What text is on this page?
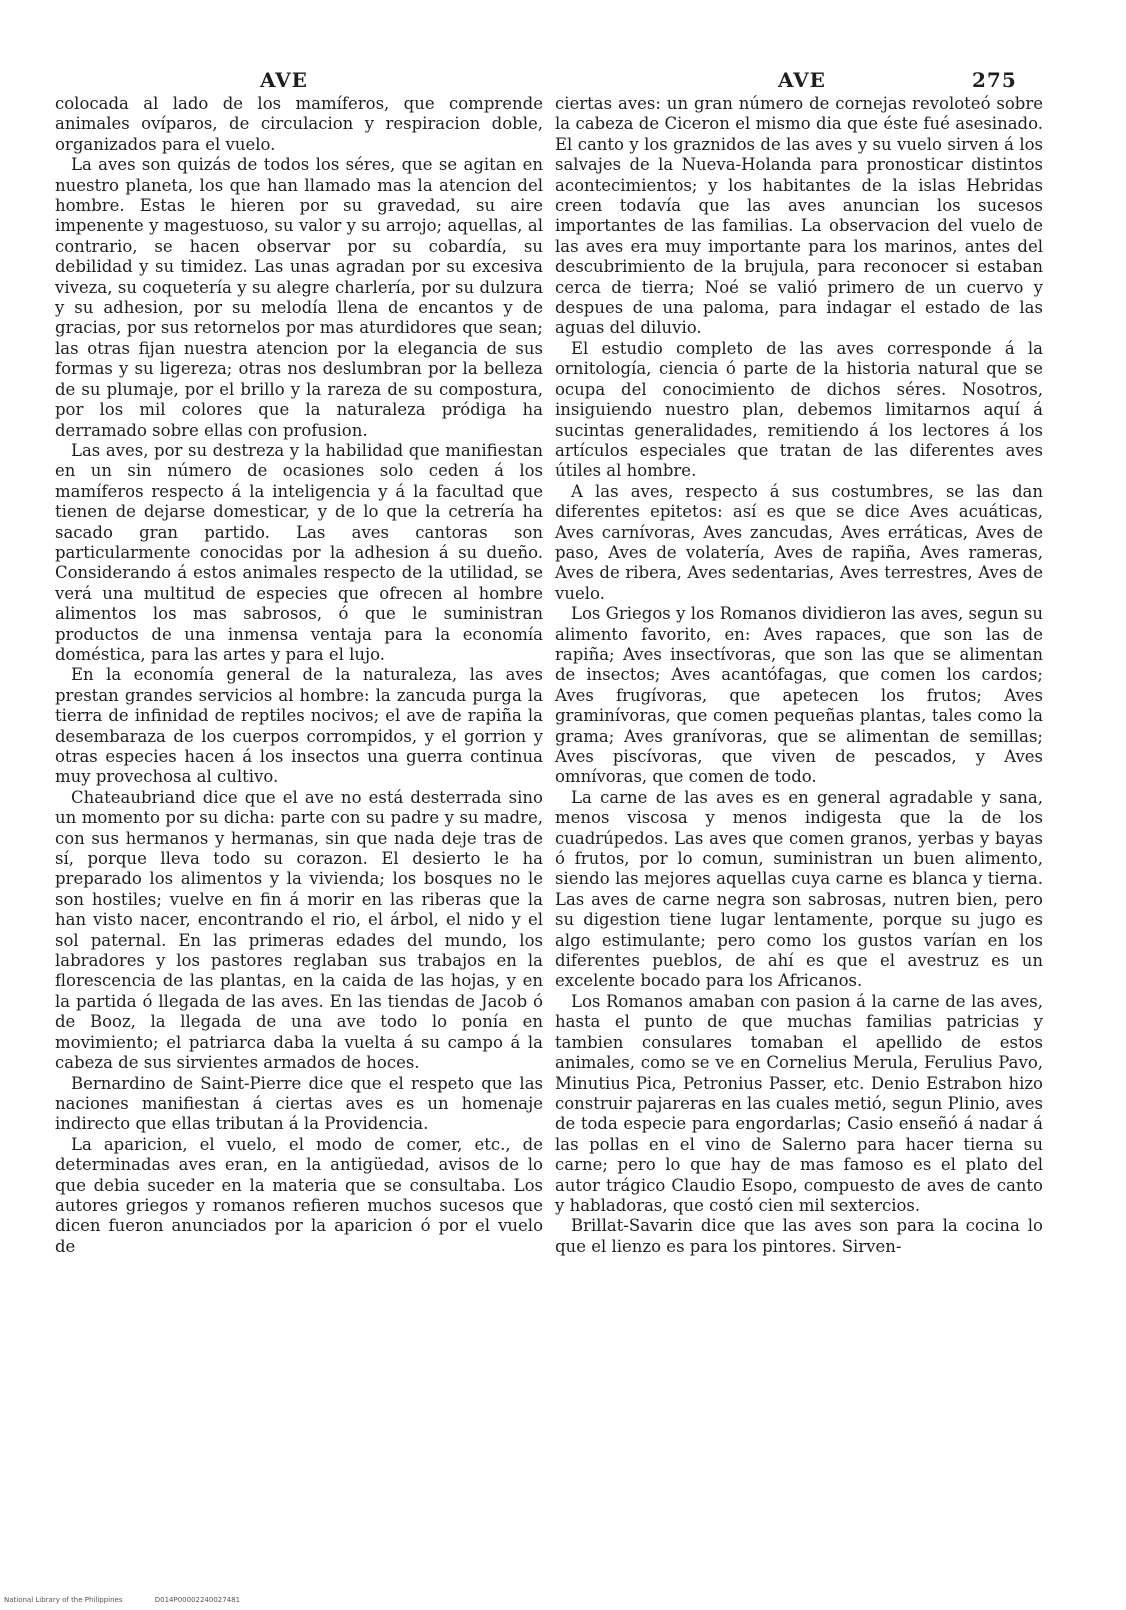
AVE	AVE	275

colocada al lado de los mamíferos, que comprende animales ovíparos, de circulacion y respiracion doble, organizados para el vuelo.

La aves son quizás de todos los séres, que se agitan en nuestro planeta, los que han llamado mas la atencion del hombre. Estas le hieren por su gravedad, su aire impenente y magestuoso, su valor y su arrojo; aquellas, al contrario, se hacen observar por su cobardía, su debilidad y su timidez. Las unas agradan por su excesiva viveza, su coquetería y su alegre charlería, por su dulzura y su adhesion, por su melodía llena de encantos y de gracias, por sus retornelos por mas aturdidores que sean; las otras fijan nuestra atencion por la elegancia de sus formas y su ligereza; otras nos deslumbran por la belleza de su plumaje, por el brillo y la rareza de su compostura, por los mil colores que la naturaleza pródiga ha derramado sobre ellas con profusion.

Las aves, por su destreza y la habilidad que manifiestan en un sin número de ocasiones solo ceden á los mamíferos respecto á la inteligencia y á la facultad que tienen de dejarse domesticar, y de lo que la cetrería ha sacado gran partido. Las aves cantoras son particularmente conocidas por la adhesion á su dueño. Considerando á estos animales respecto de la utilidad, se verá una multitud de especies que ofrecen al hombre alimentos los mas sabrosos, ó que le suministran productos de una inmensa ventaja para la economía doméstica, para las artes y para el lujo.

En la economía general de la naturaleza, las aves prestan grandes servicios al hombre: la zancuda purga la tierra de infinidad de reptiles nocivos; el ave de rapiña la desembaraza de los cuerpos corrompidos, y el gorrion y otras especies hacen á los insectos una guerra continua muy provechosa al cultivo.

Chateaubriand dice que el ave no está desterrada sino un momento por su dicha: parte con su padre y su madre, con sus hermanos y hermanas, sin que nada deje tras de sí, porque lleva todo su corazon. El desierto le ha preparado los alimentos y la vivienda; los bosques no le son hostiles; vuelve en fin á morir en las riberas que la han visto nacer, encontrando el rio, el árbol, el nido y el sol paternal. En las primeras edades del mundo, los labradores y los pastores reglaban sus trabajos en la florescencia de las plantas, en la caida de las hojas, y en la partida ó llegada de las aves. En las tiendas de Jacob ó de Booz, la llegada de una ave todo lo ponía en movimiento; el patriarca daba la vuelta á su campo á la cabeza de sus sirvientes armados de hoces.

Bernardino de Saint-Pierre dice que el respeto que las naciones manifiestan á ciertas aves es un homenaje indirecto que ellas tributan á la Providencia.

La aparicion, el vuelo, el modo de comer, etc., de determinadas aves eran, en la antigüedad, avisos de lo que debia suceder en la materia que se consultaba. Los autores griegos y romanos refieren muchos sucesos que dicen fueron anunciados por la aparicion ó por el vuelo de

ciertas aves: un gran número de cornejas revoloteó sobre la cabeza de Ciceron el mismo dia que éste fué asesinado. El canto y los graznidos de las aves y su vuelo sirven á los salvajes de la Nueva-Holanda para pronosticar distintos acontecimientos; y los habitantes de la islas Hebridas creen todavía que las aves anuncian los sucesos importantes de las familias. La observacion del vuelo de las aves era muy importante para los marinos, antes del descubrimiento de la brujula, para reconocer si estaban cerca de tierra; Noé se valió primero de un cuervo y despues de una paloma, para indagar el estado de las aguas del diluvio.

El estudio completo de las aves corresponde á la ornitología, ciencia ó parte de la historia natural que se ocupa del conocimiento de dichos séres. Nosotros, insiguiendo nuestro plan, debemos limitarnos aquí á sucintas generalidades, remitiendo á los lectores á los artículos especiales que tratan de las diferentes aves útiles al hombre.

A las aves, respecto á sus costumbres, se las dan diferentes epitetos: así es que se dice Aves acuáticas, Aves carnívoras, Aves zancudas, Aves erráticas, Aves de paso, Aves de volatería, Aves de rapiña, Aves rameras, Aves de ribera, Aves sedentarias, Aves terrestres, Aves de vuelo.

Los Griegos y los Romanos dividieron las aves, segun su alimento favorito, en: Aves rapaces, que son las de rapiña; Aves insectívoras, que son las que se alimentan de insectos; Aves acantófagas, que comen los cardos; Aves frugívoras, que apetecen los frutos; Aves graminívoras, que comen pequeñas plantas, tales como la grama; Aves granívoras, que se alimentan de semillas; Aves piscívoras, que viven de pescados, y Aves omnívoras, que comen de todo.

La carne de las aves es en general agradable y sana, menos viscosa y menos indigesta que la de los cuadrúpedos. Las aves que comen granos, yerbas y bayas ó frutos, por lo comun, suministran un buen alimento, siendo las mejores aquellas cuya carne es blanca y tierna. Las aves de carne negra son sabrosas, nutren bien, pero su digestion tiene lugar lentamente, porque su jugo es algo estimulante; pero como los gustos varían en los diferentes pueblos, de ahí es que el avestruz es un excelente bocado para los Africanos.

Los Romanos amaban con pasion á la carne de las aves, hasta el punto de que muchas familias patricias y tambien consulares tomaban el apellido de estos animales, como se ve en Cornelius Merula, Ferulius Pavo, Minutius Pica, Petronius Passer, etc. Denio Estrabon hizo construir pajareras en las cuales metió, segun Plinio, aves de toda especie para engordarlas; Casio enseñó á nadar á las pollas en el vino de Salerno para hacer tierna su carne; pero lo que hay de mas famoso es el plato del autor trágico Claudio Esopo, compuesto de aves de canto y habladoras, que costó cien mil sextercios.

Brillat-Savarin dice que las aves son para la cocina lo que el lienzo es para los pintores. Sirven-

National Library of the Philippines	D014P00002240027481
